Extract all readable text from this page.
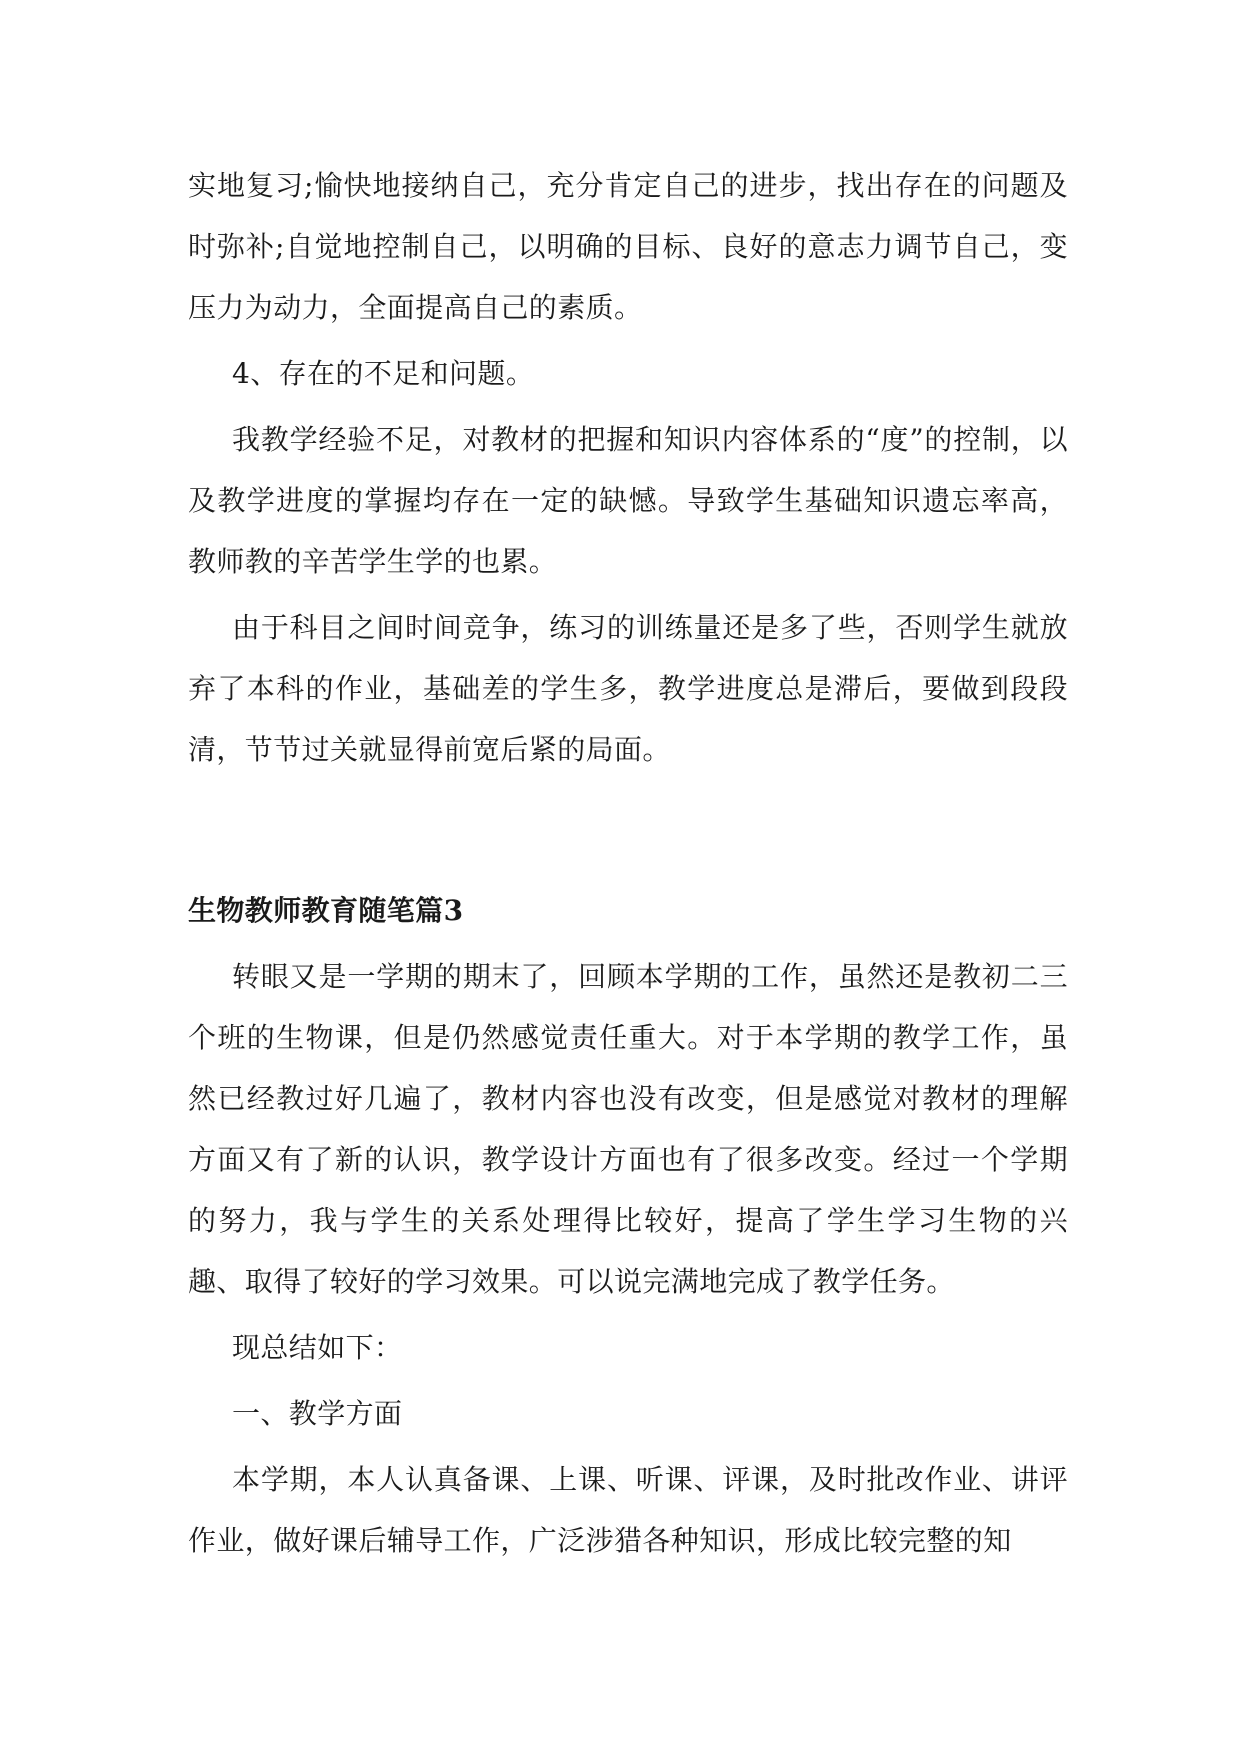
实地复习;愉快地接纳自己，充分肯定自己的进步，找出存在的问题及时弥补;自觉地控制自己，以明确的目标、良好的意志力调节自己，变压力为动力，全面提高自己的素质。

4、存在的不足和问题。

我教学经验不足，对教材的把握和知识内容体系的“度”的控制，以及教学进度的掌握均存在一定的缺憾。导致学生基础知识遗忘率高，教师教的辛苦学生学的也累。

由于科目之间时间竞争，练习的训练量还是多了些，否则学生就放弃了本科的作业，基础差的学生多，教学进度总是滞后，要做到段段清，节节过关就显得前宽后紧的局面。

生物教师教育随笔篇3

转眼又是一学期的期末了，回顾本学期的工作，虽然还是教初二三个班的生物课，但是仍然感觉责任重大。对于本学期的教学工作，虽然已经教过好几遍了，教材内容也没有改变，但是感觉对教材的理解方面又有了新的认识，教学设计方面也有了很多改变。经过一个学期的努力，我与学生的关系处理得比较好，提高了学生学习生物的兴趣、取得了较好的学习效果。可以说完满地完成了教学任务。

现总结如下：

一、教学方面

本学期，本人认真备课、上课、听课、评课，及时批改作业、讲评作业，做好课后辅导工作，广泛涉猎各种知识，形成比较完整的知
